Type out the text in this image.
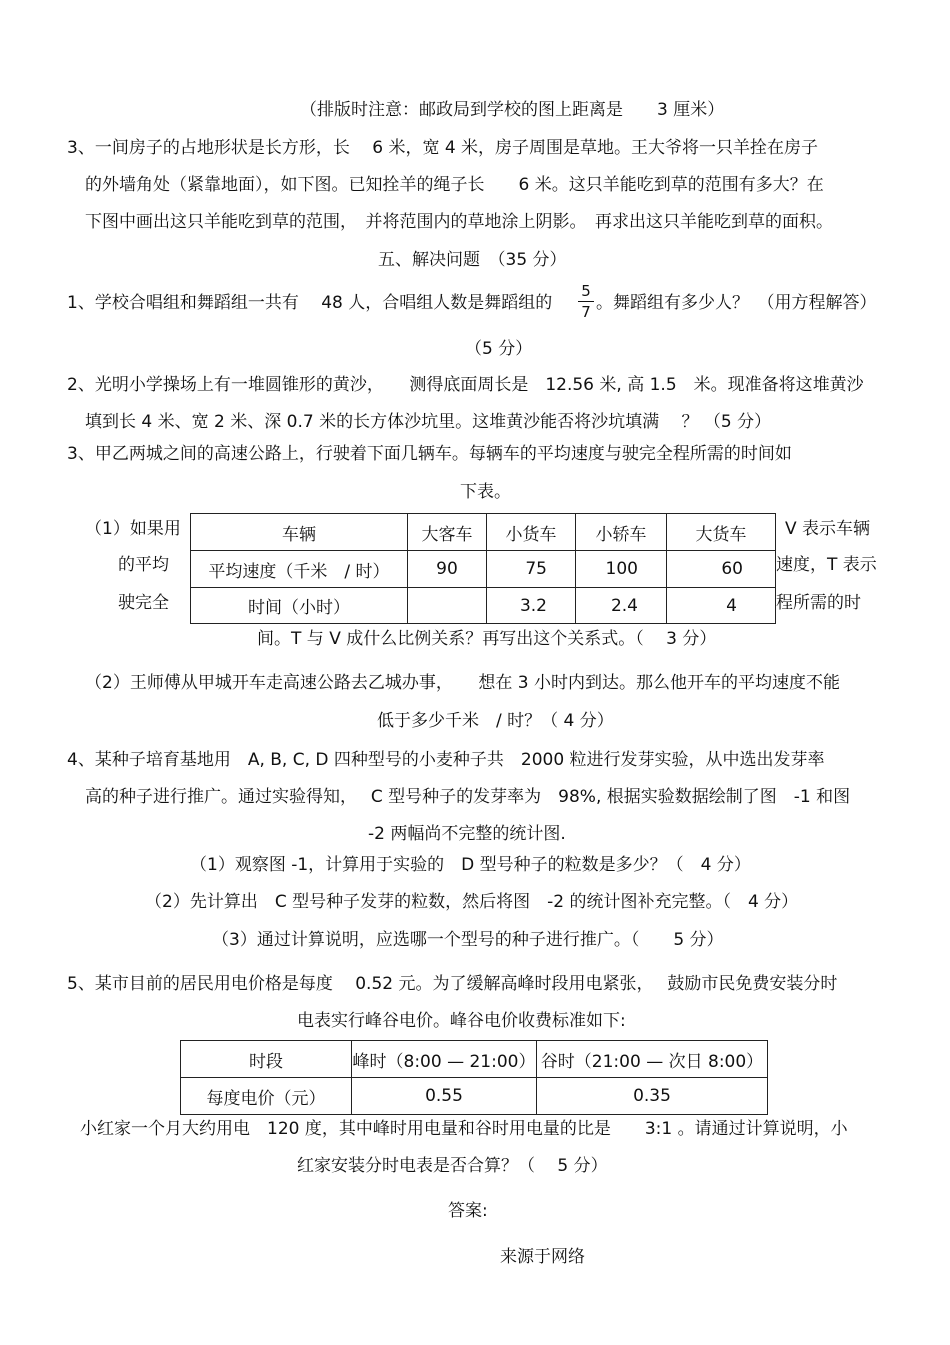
（排版时注意：邮政局到学校的图上距离是　　3 厘米）
3、一间房子的占地形状是长方形，长　 6 米，宽 4 米，房子周围是草地。王大爷将一只羊拴在房子
的外墙角处（紧靠地面），如下图。已知拴羊的绳子长　　6 米。这只羊能吃到草的范围有多大？在
下图中画出这只羊能吃到草的范围，　并将范围内的草地涂上阴影。　再求出这只羊能吃到草的面积。
五、解决问题　（35 分）
1、学校合唱组和舞蹈组一共有　 48 人，合唱组人数是舞蹈组的
5
7 。舞蹈组有多少人？　（用方程解答）
（5 分）
2、光明小学操场上有一堆圆锥形的黄沙，　　测得底面周长是　12.56 米, 高 1.5　米。现准备将这堆黄沙
填到长 4 米、宽 2 米、深 0.7 米的长方体沙坑里。这堆黄沙能否将沙坑填满　 ？ （5 分）
3、甲乙两城之间的高速公路上，行驶着下面几辆车。每辆车的平均速度与驶完全程所需的时间如
下表。
（1）如果用
的平均
驶完全
车辆	大客车	小货车	小轿车	大货车
平均速度（千米　/ 时）	90	75	100	60
时间（小时）		3.2	2.4	4
V 表示车辆
速度，T 表示
程所需的时
间。T 与 V 成什么比例关系？再写出这个关系式。（　 3 分）
（2）王师傅从甲城开车走高速公路去乙城办事，　　想在 3 小时内到达。那么他开车的平均速度不能
低于多少千米　/ 时？（ 4 分）
4、某种子培育基地用　A, B, C, D 四种型号的小麦种子共　2000 粒进行发芽实验，从中选出发芽率
高的种子进行推广。通过实验得知，　 C 型号种子的发芽率为　98%, 根据实验数据绘制了图　-1 和图
-2 两幅尚不完整的统计图.
（1）观察图 -1，计算用于实验的　D 型号种子的粒数是多少？（　4 分）
（2）先计算出　C 型号种子发芽的粒数，然后将图　-2 的统计图补充完整。（　4 分）
（3）通过计算说明，应选哪一个型号的种子进行推广。（　　5 分）
5、某市目前的居民用电价格是每度　 0.52 元。为了缓解高峰时段用电紧张，　 鼓励市民免费安装分时
电表实行峰谷电价。峰谷电价收费标准如下:
时段	峰时（8:00 — 21:00）	谷时（21:00 — 次日 8:00）
每度电价（元）	0.55	0.35
小红家一个月大约用电　120 度，其中峰时用电量和谷时用电量的比是　　3:1 。请通过计算说明，小
红家安装分时电表是否合算？（　 5 分）
答案:
来源于网络
